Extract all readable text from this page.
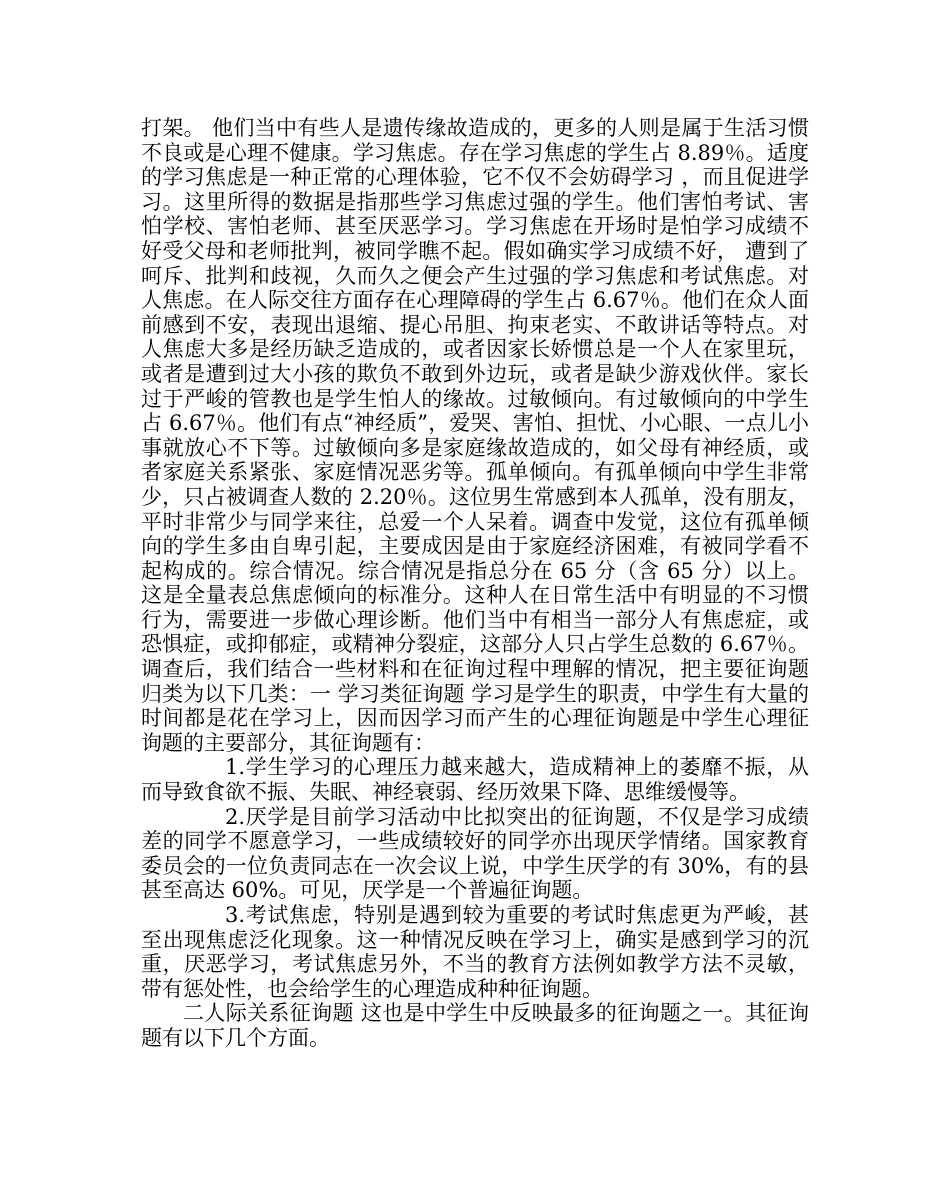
打架。 他们当中有些人是遗传缘故造成的，更多的人则是属于生活习惯不良或是心理不健康。学习焦虑。存在学习焦虑的学生占 8.89％。适度的学习焦虑是一种正常的心理体验，它不仅不会妨碍学习 ，而且促进学习。这里所得的数据是指那些学习焦虑过强的学生。他们害怕考试、害怕学校、害怕老师、甚至厌恶学习。学习焦虑在开场时是怕学习成绩不好受父母和老师批判，被同学瞧不起。假如确实学习成绩不好， 遭到了呵斥、批判和歧视，久而久之便会产生过强的学习焦虑和考试焦虑。对人焦虑。在人际交往方面存在心理障碍的学生占 6.67％。他们在众人面前感到不安，表现出退缩、提心吊胆、拘束老实、不敢讲话等特点。对人焦虑大多是经历缺乏造成的，或者因家长娇惯总是一个人在家里玩， 或者是遭到过大小孩的欺负不敢到外边玩，或者是缺少游戏伙伴。家长过于严峻的管教也是学生怕人的缘故。过敏倾向。有过敏倾向的中学生占 6.67％。他们有点“神经质”，爱哭、害怕、担忧、小心眼、一点儿小事就放心不下等。过敏倾向多是家庭缘故造成的，如父母有神经质，或者家庭关系紧张、家庭情况恶劣等。孤单倾向。有孤单倾向中学生非常少，只占被调查人数的 2.20％。这位男生常感到本人孤单，没有朋友，平时非常少与同学来往，总爱一个人呆着。调查中发觉，这位有孤单倾向的学生多由自卑引起，主要成因是由于家庭经济困难，有被同学看不起构成的。综合情况。综合情况是指总分在 65 分（含 65 分）以上。这是全量表总焦虑倾向的标准分。这种人在日常生活中有明显的不习惯行为，需要进一步做心理诊断。他们当中有相当一部分人有焦虑症，或恐惧症，或抑郁症，或精神分裂症，这部分人只占学生总数的 6.67％。 调查后，我们结合一些材料和在征询过程中理解的情况，把主要征询题归类为以下几类：一 学习类征询题 学习是学生的职责，中学生有大量的时间都是花在学习上，因而因学习而产生的心理征询题是中学生心理征询题的主要部分，其征询题有：

1.学生学习的心理压力越来越大，造成精神上的萎靡不振，从而导致食欲不振、失眠、神经衰弱、经历效果下降、思维缓慢等。

2.厌学是目前学习活动中比拟突出的征询题，不仅是学习成绩差的同学不愿意学习，一些成绩较好的同学亦出现厌学情绪。国家教育委员会的一位负责同志在一次会议上说，中学生厌学的有 30%，有的县甚至高达 60%。可见，厌学是一个普遍征询题。

3.考试焦虑，特别是遇到较为重要的考试时焦虑更为严峻，甚至出现焦虑泛化现象。这一种情况反映在学习上，确实是感到学习的沉重，厌恶学习，考试焦虑另外，不当的教育方法例如教学方法不灵敏，带有惩处性，也会给学生的心理造成种种征询题。

二人际关系征询题 这也是中学生中反映最多的征询题之一。其征询题有以下几个方面。
